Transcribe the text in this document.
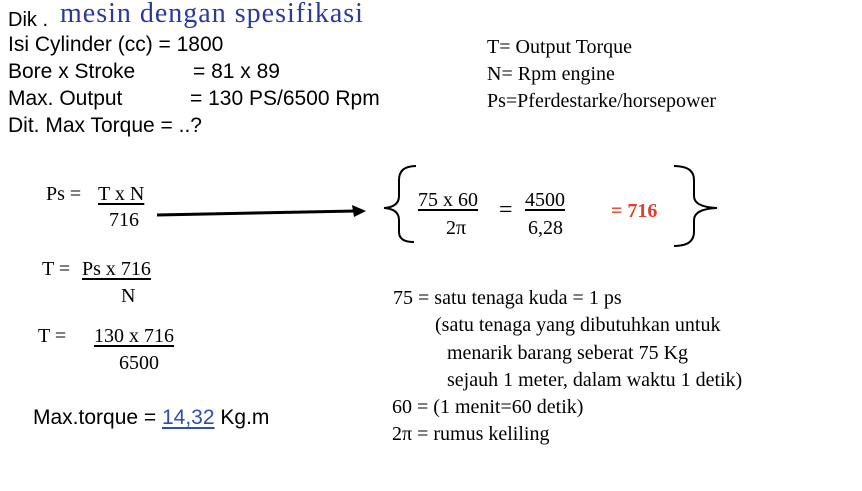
Dik . mesin dengan spesifikasi
Isi Cylinder (cc) = 1800
Bore x Stroke	= 81 x 89
Max. Output	= 130 PS/6500 Rpm
Dit. Max Torque = ..?
T= Output Torque
N= Rpm engine
Ps=Pferdestarke/horsepower
Ps = T x N
716
75 x 60
2π
= 4500
6,28
= 716
T = Ps x 716
N
T = 130 x 716
6500
Max.torque = 14,32 Kg.m
75 = satu tenaga kuda = 1 ps
(satu tenaga yang dibutuhkan untuk
menarik barang seberat 75 Kg
sejauh 1 meter, dalam waktu 1 detik)
60 = (1 menit=60 detik)
2π = rumus keliling
